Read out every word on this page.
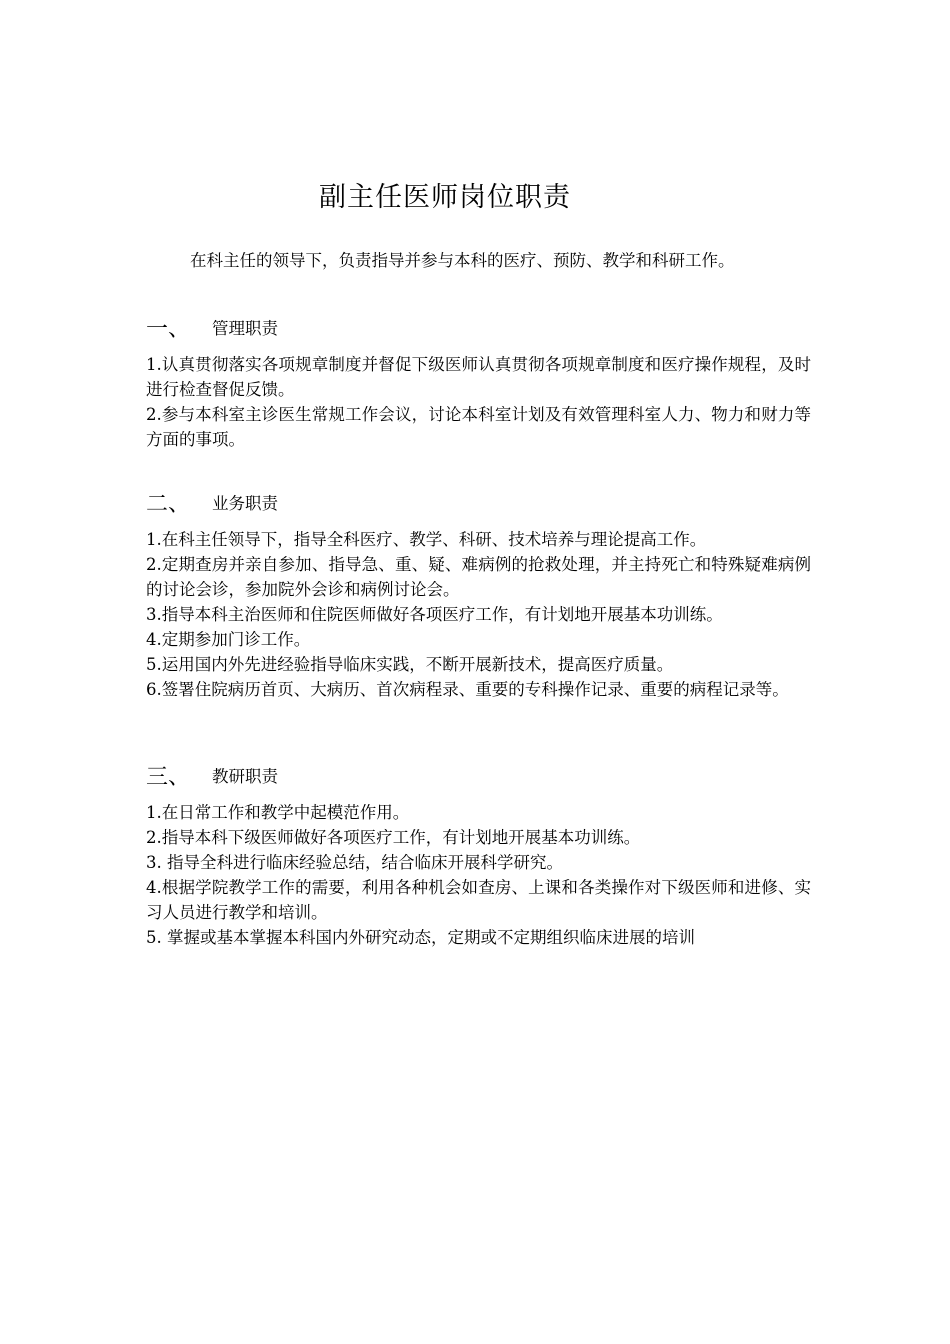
副主任医师岗位职责
在科主任的领导下，负责指导并参与本科的医疗、预防、教学和科研工作。
一、	管理职责
1.认真贯彻落实各项规章制度并督促下级医师认真贯彻各项规章制度和医疗操作规程，及时进行检查督促反馈。
2.参与本科室主诊医生常规工作会议，讨论本科室计划及有效管理科室人力、物力和财力等方面的事项。
二、	业务职责
1.在科主任领导下，指导全科医疗、教学、科研、技术培养与理论提高工作。
2.定期查房并亲自参加、指导急、重、疑、难病例的抢救处理，并主持死亡和特殊疑难病例的讨论会诊，参加院外会诊和病例讨论会。
3.指导本科主治医师和住院医师做好各项医疗工作，有计划地开展基本功训练。
4.定期参加门诊工作。
5.运用国内外先进经验指导临床实践，不断开展新技术，提高医疗质量。
6.签署住院病历首页、大病历、首次病程录、重要的专科操作记录、重要的病程记录等。
三、	教研职责
1.在日常工作和教学中起模范作用。
2.指导本科下级医师做好各项医疗工作，有计划地开展基本功训练。
3. 指导全科进行临床经验总结，结合临床开展科学研究。
4.根据学院教学工作的需要，利用各种机会如查房、上课和各类操作对下级医师和进修、实习人员进行教学和培训。
5. 掌握或基本掌握本科国内外研究动态，定期或不定期组织临床进展的培训
